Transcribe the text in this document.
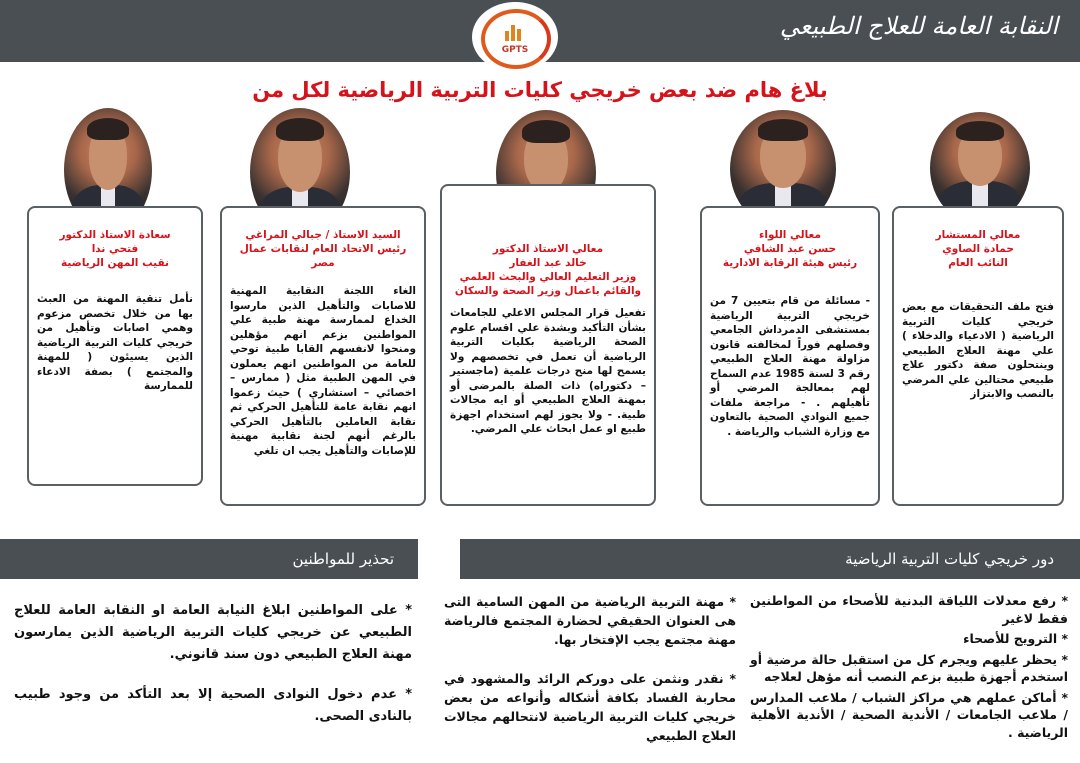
النقابة العامة للعلاج الطبيعي
GPTS
بلاغ هام ضد بعض خريجي كليات التربية الرياضية لكل من
معالي المستشار
حمادة الصاوي
النائب العام
فتح ملف التحقيقات مع بعض خريجي كليات التربية الرياضية ( الادعياء والدخلاء ) علي مهنة العلاج الطبيعي وينتحلون صفة دكتور علاج طبيعي محتالين علي المرضي بالنصب والابتزاز
معالي اللواء
حسن عبد الشافي
رئيس هيئة الرقابة الادارية
- مسائلة من قام بتعيين 7 من خريجي التربية الرياضية بمستشفى الدمرداش الجامعي وفصلهم فوراً لمخالفته قانون مزاولة مهنة العلاج الطبيعي رقم 3 لسنة 1985 عدم السماح لهم بمعالجة المرضي أو تأهيلهم . - مراجعة ملفات جميع النوادي الصحية بالتعاون مع وزارة الشباب والرياضة .
معالي الاستاذ الدكتور
خالد عبد الغفار
وزير التعليم العالي والبحث العلمي
والقائم باعمال وزير الصحة والسكان
تفعيل قرار المجلس الاعلي للجامعات بشأن التأكيد وبشدة علي اقسام علوم الصحة الرياضية بكليات التربية الرياضية أن تعمل في تخصصهم ولا يسمح لها منح درجات علمية (ماجستير – دكتوراه) ذات الصلة بالمرضى أو بمهنة العلاج الطبيعي أو ايه مجالات طبية. - ولا يجوز لهم استخدام اجهزة طبيع او عمل ابحاث علي المرضي.
السيد الاستاذ / جبالي المراغي
رئيس الاتحاد العام لنقابات عمال مصر
الغاء اللجنة النقابية المهنية للاصابات والتأهيل الذين مارسوا الخداع لممارسة مهنة طبية علي المواطنين بزعم انهم مؤهلين ومنحوا لانفسهم القابا طبية توحي للعامة من المواطنين انهم يعملون في المهن الطبية مثل ( ممارس – اخصائي – استشاري ) حيث زعموا انهم نقابة عامة للتأهيل الحركي ثم نقابة العاملين بالتأهيل الحركي بالرغم أنهم لجنة نقابية مهنية للإصابات والتأهيل يجب ان تلغي
سعادة الاستاذ الدكتور
فتحي ندا
نقيب المهن الرياضية
نأمل تنقية المهنة من العبث بها من خلال تخصص مزعوم وهمي اصابات وتأهيل من خريجي كليات التربية الرياضية الذين يسيئون ( للمهنة والمجتمع ) بصفة الادعاء للممارسة
دور خريجي كليات التربية الرياضية
تحذير للمواطنين

* رفع معدلات اللياقة البدنية للأصحاء من المواطنين فقط لاغير

* الترويج للأصحاء

* يحظر عليهم ويجرم كل من استقبل حالة مرضية أو استخدم أجهزة طبية بزعم النصب أنه مؤهل لعلاجه

* أماكن عملهم هي مراكز الشباب / ملاعب المدارس / ملاعب الجامعات / الأندية الصحية / الأندية الأهلية الرياضية .

* مهنة التربية الرياضية من المهن السامية التى هى العنوان الحقيقي لحضارة المجتمع فالرياضة مهنة مجتمع يجب الإفتخار بها.

* نقدر ونثمن على دوركم الرائد والمشهود في محاربة الفساد بكافة أشكاله وأنواعه من بعض خريجي كليات التربية الرياضية لانتحالهم مجالات العلاج الطبيعي

* على المواطنين ابلاغ النيابة العامة او النقابة العامة للعلاج الطبيعي عن خريجي كليات التربية الرياضية الذين يمارسون مهنة العلاج الطبيعي دون سند قانوني.

* عدم دخول النوادى الصحية إلا بعد التأكد من وجود طبيب بالنادى الصحى.
